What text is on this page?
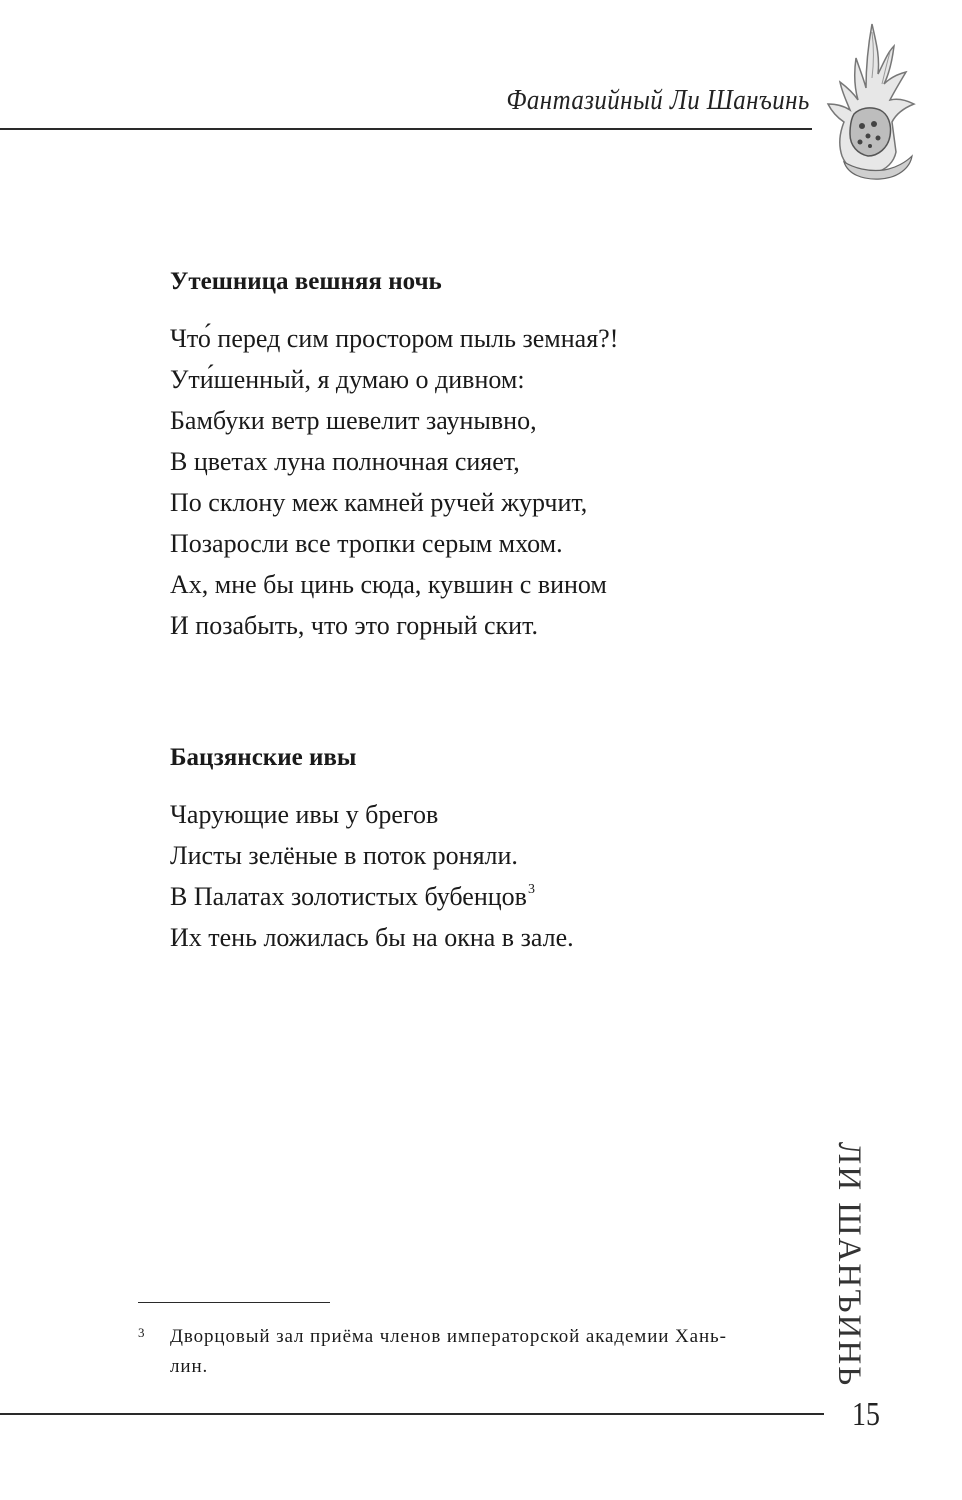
Фантазийный Ли Шанъинь
Утешница вешняя ночь
Что́ перед сим простором пыль земная?!
Ути́шенный, я думаю о дивном:
Бамбуки ветр шевелит заунывно,
В цветах луна полночная сияет,
По склону меж камней ручей журчит,
Позаросли все тропки серым мхом.
Ах, мне бы цинь сюда, кувшин с вином
И позабыть, что это горный скит.
Бацзянские ивы
Чарующие ивы у брегов
Листы зелёные в поток роняли.
В Палатах золотистых бубенцов$^3$
Их тень ложилась бы на окна в зале.
3 Дворцовый зал приёма членов императорской академии Хань-
лин.	ЛИ ШАНЪИНЬ
15
